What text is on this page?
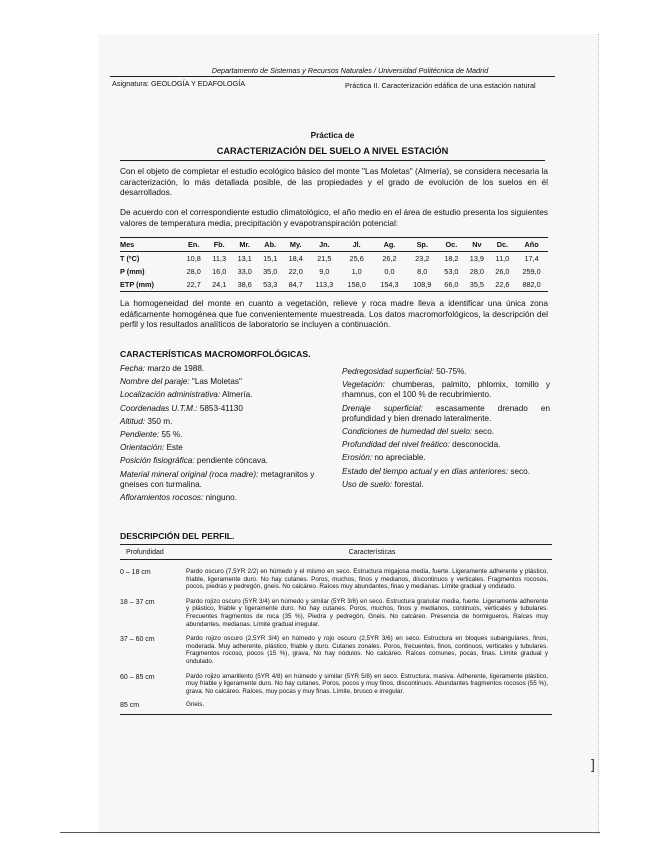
Departamento de Sistemas y Recursos Naturales / Universidad Politécnica de Madrid
Asignatura: GEOLOGÍA Y EDAFOLOGÍA	Práctica II. Caracterización edáfica de una estación natural
Práctica de
CARACTERIZACIÓN DEL SUELO A NIVEL ESTACIÓN
Con el objeto de completar el estudio ecológico básico del monte "Las Moletas" (Almería), se considera necesaria la caracterización, lo más detallada posible, de las propiedades y el grado de evolución de los suelos en él desarrollados.
De acuerdo con el correspondiente estudio climatológico, el año medio en el área de estudio presenta los siguientes valores de temperatura media, precipitación y evapotranspiración potencial:
Mes	En.	Fb.	Mr.	Ab.	My.	Jn.	Jl.	Ag.	Sp.	Oc.	Nv	Dc.	Año
T (ºC)	10,8	11,3	13,1	15,1	18,4	21,5	25,6	26,2	23,2	18,2	13,9	11,0	17,4
P (mm)	28,0	16,0	33,0	35,0	22,0	9,0	1,0	0,0	8,0	53,0	28,0	26,0	259,0
ETP (mm)	22,7	24,1	38,6	53,3	84,7	113,3	158,0	154,3	108,9	66,0	35,5	22,6	882,0
La homogeneidad del monte en cuanto a vegetación, relieve y roca madre lleva a identificar una única zona edáficamente homogénea que fue convenientemente muestreada. Los datos macromorfológicos, la descripción del perfil y los resultados analíticos de laboratorio se incluyen a continuación.
CARACTERÍSTICAS MACROMORFOLÓGICAS.
Fecha: marzo de 1988.
Nombre del paraje: "Las Moletas"
Localización administrativa: Almería.
Coordenadas U.T.M.: 5853-41130
Altitud: 350 m.
Pendiente: 55 %.
Orientación: Este
Posición fisiográfica: pendiente cóncava.
Material mineral original (roca madre): metagranitos y gneises con turmalina.
Afloramientos rocosos: ninguno.
Pedregosidad superficial: 50-75%.
Vegetación: chumberas, palmito, phlomix, tomillo y rhamnus, con el 100 % de recubrimiento.
Drenaje superficial: escasamente drenado en profundidad y bien drenado lateralmente.
Condiciones de humedad del suelo: seco.
Profundidad del nivel freático: desconocida.
Erosión: no apreciable.
Estado del tiempo actual y en días anteriores: seco.
Uso de suelo: forestal.
DESCRIPCIÓN DEL PERFIL.
Profundidad	Características
0 – 18 cm	Pardo oscuro (7,5YR 2/2) en húmedo y el mismo en seco. Estructura migajosa media, fuerte. Ligeramente adherente y plástico, friable, ligeramente duro. No hay cutanes. Poros, muchos, finos y medianos, discontinuos y verticales. Fragmentos rocosos, pocos, piedras y pedregón, gneis. No calcáreo. Raíces muy abundantes, finas y medianas. Límite gradual y ondulado.
18 – 37 cm	Pardo rojizo oscuro (5YR 3/4) en húmedo y similar (5YR 3/6) en seco. Estructura granular media, fuerte. Ligeramente adherente y plástico, friable y ligeramente duro. No hay cutanes. Poros, muchos, finos y medianos, continuos, verticales y tubulares. Frecuentes fragmentos de roca (35 %), Piedra y pedregón, Gneis. No calcáreo. Presencia de hormigueros, Raíces muy abundantes, medianas. Límite gradual irregular.
37 – 60 cm	Pardo rojizo oscuro (2,5YR 3/4) en húmedo y rojo oscuro (2,5YR 3/6) en seco. Estructura en bloques subangulares, finos, moderada. Muy adherente, plástico, friable y duro. Cutanes zonales. Poros, frecuentes, finos, continuos, verticales y tubulares. Fragmentos rocoso, pocos (15 %), grava, No hay nódulos. No calcáreo. Raíces comunes, pocas, finas. Límite gradual y ondulado.
60 – 85 cm	Pardo rojizo amarillento (5YR 4/8) en húmedo y similar (5YR 5/8) en seco. Estructura, masiva. Adherente, ligeramente plástico, muy friable y ligeramente duro. No hay cutanes. Poros, pocos y muy finos, discontinuos. Abundantes fragmentos rocosos (55 %), grava. No calcáreo. Raíces, muy pocas y muy finas. Límite, brusco e irregular.
85 cm	Gneis.
]
